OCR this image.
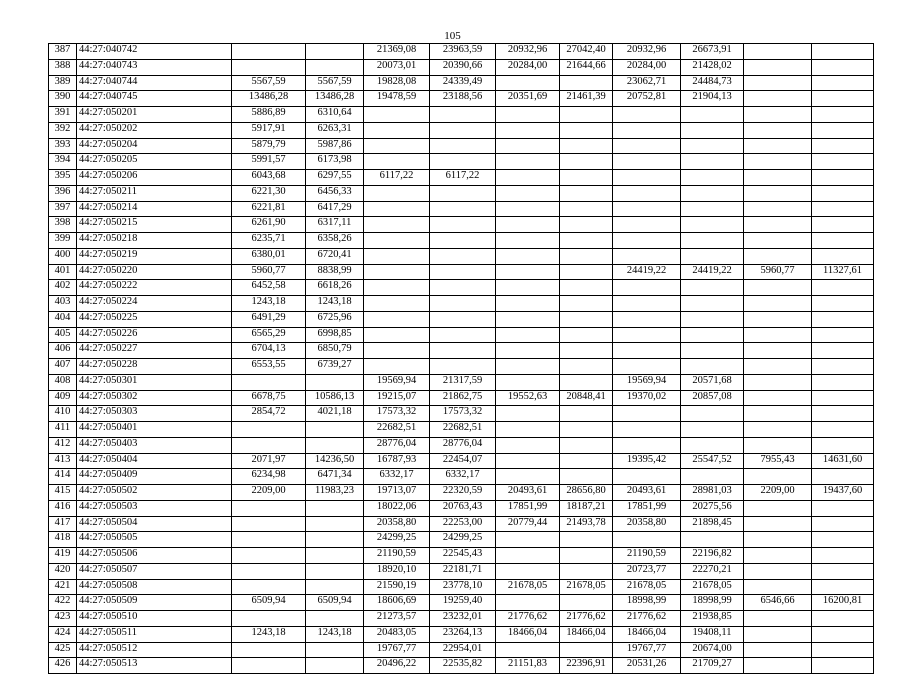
105
387	44:27:040742			21369,08	23963,59	20932,96	27042,40	20932,96	26673,91		
388	44:27:040743			20073,01	20390,66	20284,00	21644,66	20284,00	21428,02		
389	44:27:040744	5567,59	5567,59	19828,08	24339,49			23062,71	24484,73		
390	44:27:040745	13486,28	13486,28	19478,59	23188,56	20351,69	21461,39	20752,81	21904,13		
391	44:27:050201	5886,89	6310,64								
392	44:27:050202	5917,91	6263,31								
393	44:27:050204	5879,79	5987,86								
394	44:27:050205	5991,57	6173,98								
395	44:27:050206	6043,68	6297,55	6117,22	6117,22						
396	44:27:050211	6221,30	6456,33								
397	44:27:050214	6221,81	6417,29								
398	44:27:050215	6261,90	6317,11								
399	44:27:050218	6235,71	6358,26								
400	44:27:050219	6380,01	6720,41								
401	44:27:050220	5960,77	8838,99					24419,22	24419,22	5960,77	11327,61
402	44:27:050222	6452,58	6618,26								
403	44:27:050224	1243,18	1243,18								
404	44:27:050225	6491,29	6725,96								
405	44:27:050226	6565,29	6998,85								
406	44:27:050227	6704,13	6850,79								
407	44:27:050228	6553,55	6739,27								
408	44:27:050301			19569,94	21317,59			19569,94	20571,68		
409	44:27:050302	6678,75	10586,13	19215,07	21862,75	19552,63	20848,41	19370,02	20857,08		
410	44:27:050303	2854,72	4021,18	17573,32	17573,32						
411	44:27:050401			22682,51	22682,51						
412	44:27:050403			28776,04	28776,04						
413	44:27:050404	2071,97	14236,50	16787,93	22454,07			19395,42	25547,52	7955,43	14631,60
414	44:27:050409	6234,98	6471,34	6332,17	6332,17						
415	44:27:050502	2209,00	11983,23	19713,07	22320,59	20493,61	28656,80	20493,61	28981,03	2209,00	19437,60
416	44:27:050503			18022,06	20763,43	17851,99	18187,21	17851,99	20275,56		
417	44:27:050504			20358,80	22253,00	20779,44	21493,78	20358,80	21898,45		
418	44:27:050505			24299,25	24299,25						
419	44:27:050506			21190,59	22545,43			21190,59	22196,82		
420	44:27:050507			18920,10	22181,71			20723,77	22270,21		
421	44:27:050508			21590,19	23778,10	21678,05	21678,05	21678,05	21678,05		
422	44:27:050509	6509,94	6509,94	18606,69	19259,40			18998,99	18998,99	6546,66	16200,81
423	44:27:050510			21273,57	23232,01	21776,62	21776,62	21776,62	21938,85		
424	44:27:050511	1243,18	1243,18	20483,05	23264,13	18466,04	18466,04	18466,04	19408,11		
425	44:27:050512			19767,77	22954,01			19767,77	20674,00		
426	44:27:050513			20496,22	22535,82	21151,83	22396,91	20531,26	21709,27		
